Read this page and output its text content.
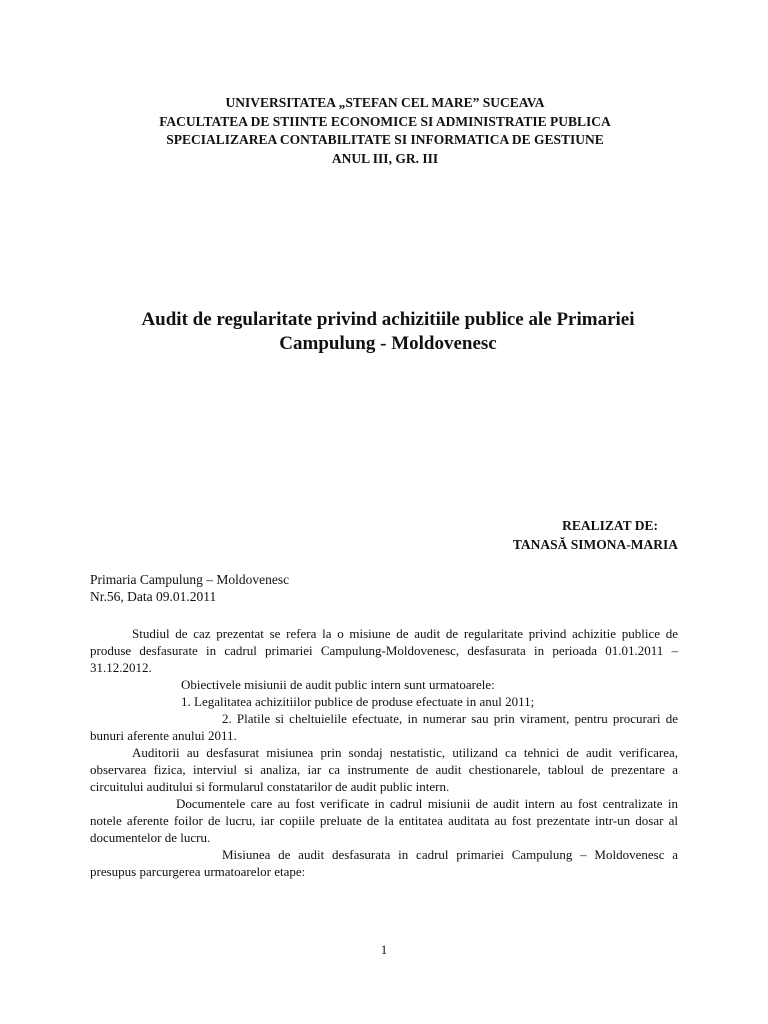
UNIVERSITATEA „STEFAN CEL MARE” SUCEAVA
FACULTATEA DE STIINTE ECONOMICE SI ADMINISTRATIE PUBLICA
SPECIALIZAREA CONTABILITATE SI INFORMATICA DE GESTIUNE
ANUL III, GR. III
Audit de regularitate privind achizitiile publice ale Primariei
Campulung - Moldovenesc
REALIZAT DE:
TANASĂ SIMONA-MARIA
Primaria Campulung – Moldovenesc
Nr.56, Data 09.01.2011

Studiul de caz prezentat se refera la o misiune de audit de regularitate privind achizitie publice de produse desfasurate in cadrul primariei Campulung-Moldovenesc, desfasurata in perioada 01.01.2011 – 31.12.2012.

Obiectivele misiunii de audit public intern sunt urmatoarele:

1. Legalitatea achizitiilor publice de produse efectuate in anul 2011;

2. Platile si cheltuielile efectuate, in numerar sau prin virament, pentru procurari de bunuri aferente anului 2011.

Auditorii au desfasurat misiunea prin sondaj nestatistic, utilizand ca tehnici de audit verificarea, observarea fizica, interviul si analiza, iar ca instrumente de audit chestionarele, tabloul de prezentare a circuitului auditului si formularul constatarilor de audit public intern.

Documentele care au fost verificate in cadrul misiunii de audit intern au fost centralizate in notele aferente foilor de lucru, iar copiile preluate de la entitatea auditata au fost prezentate intr-un dosar al documentelor de lucru.

Misiunea de audit desfasurata in cadrul primariei Campulung – Moldovenesc a presupus parcurgerea urmatoarelor etape:

1
